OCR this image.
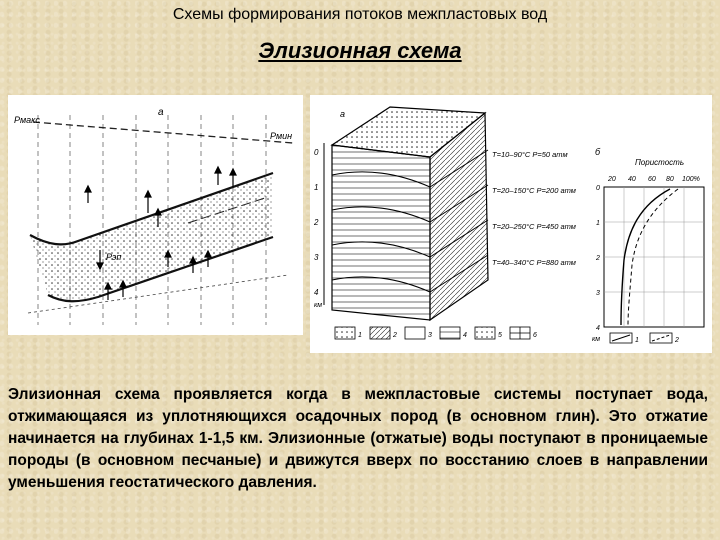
Схемы формирования потоков межпластовых вод
Элизионная схема
Pмакс
Pмин
а
Pэп
а
0
1
2
3
4
км
T=10–90°C P=50 атм
T=20–150°C P=200 атм
T=20–250°C P=450 атм
T=40–340°C P=880 атм
б
Пористость
20 40 60 80 100%
0
1
2
3
4
км
1	2	3	4	5	6
1	2

Элизионная схема проявляется когда в межпластовые системы поступает вода, отжимающаяся из уплотняющихся осадочных пород (в основном глин). Это отжатие начинается на глубинах 1-1,5 км. Элизионные (отжатые) воды поступают в проницаемые породы (в основном песчаные) и движутся вверх по восстанию слоев в направлении уменьшения геостатического давления.
